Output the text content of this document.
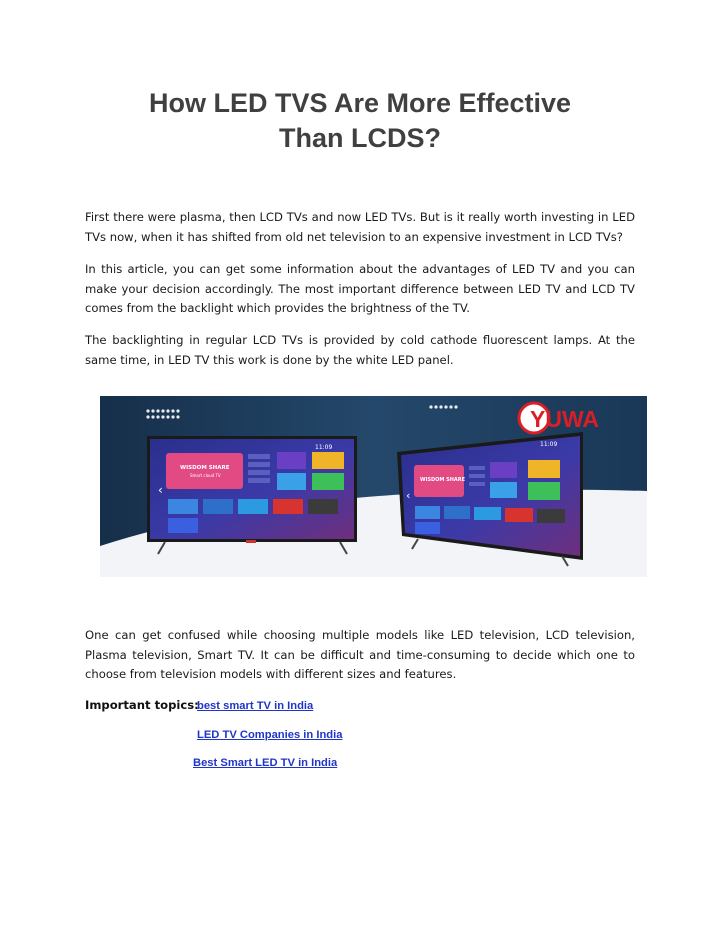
How LED TVS Are More Effective
Than LCDS?

First there were plasma, then LCD TVs and now LED TVs. But is it really worth investing in LED TVs now, when it has shifted from old net television to an expensive investment in LCD TVs?

In this article, you can get some information about the advantages of LED TV and you can make your decision accordingly. The most important difference between LED TV and LCD TV comes from the backlight which provides the brightness of the TV.

The backlighting in regular LCD TVs is provided by cold cathode fluorescent lamps. At the same time, in LED TV this work is done by the white LED panel.

YUWA
11:09
WISDOM SHARE
Smart cloud TV
‹
11:09
WISDOM SHARE
‹

One can get confused while choosing multiple models like LED television, LCD television, Plasma television, Smart TV. It can be difficult and time-consuming to decide which one to choose from television models with different sizes and features.

Important topics:
best smart TV in India
LED TV Companies in India
Best Smart LED TV in India
